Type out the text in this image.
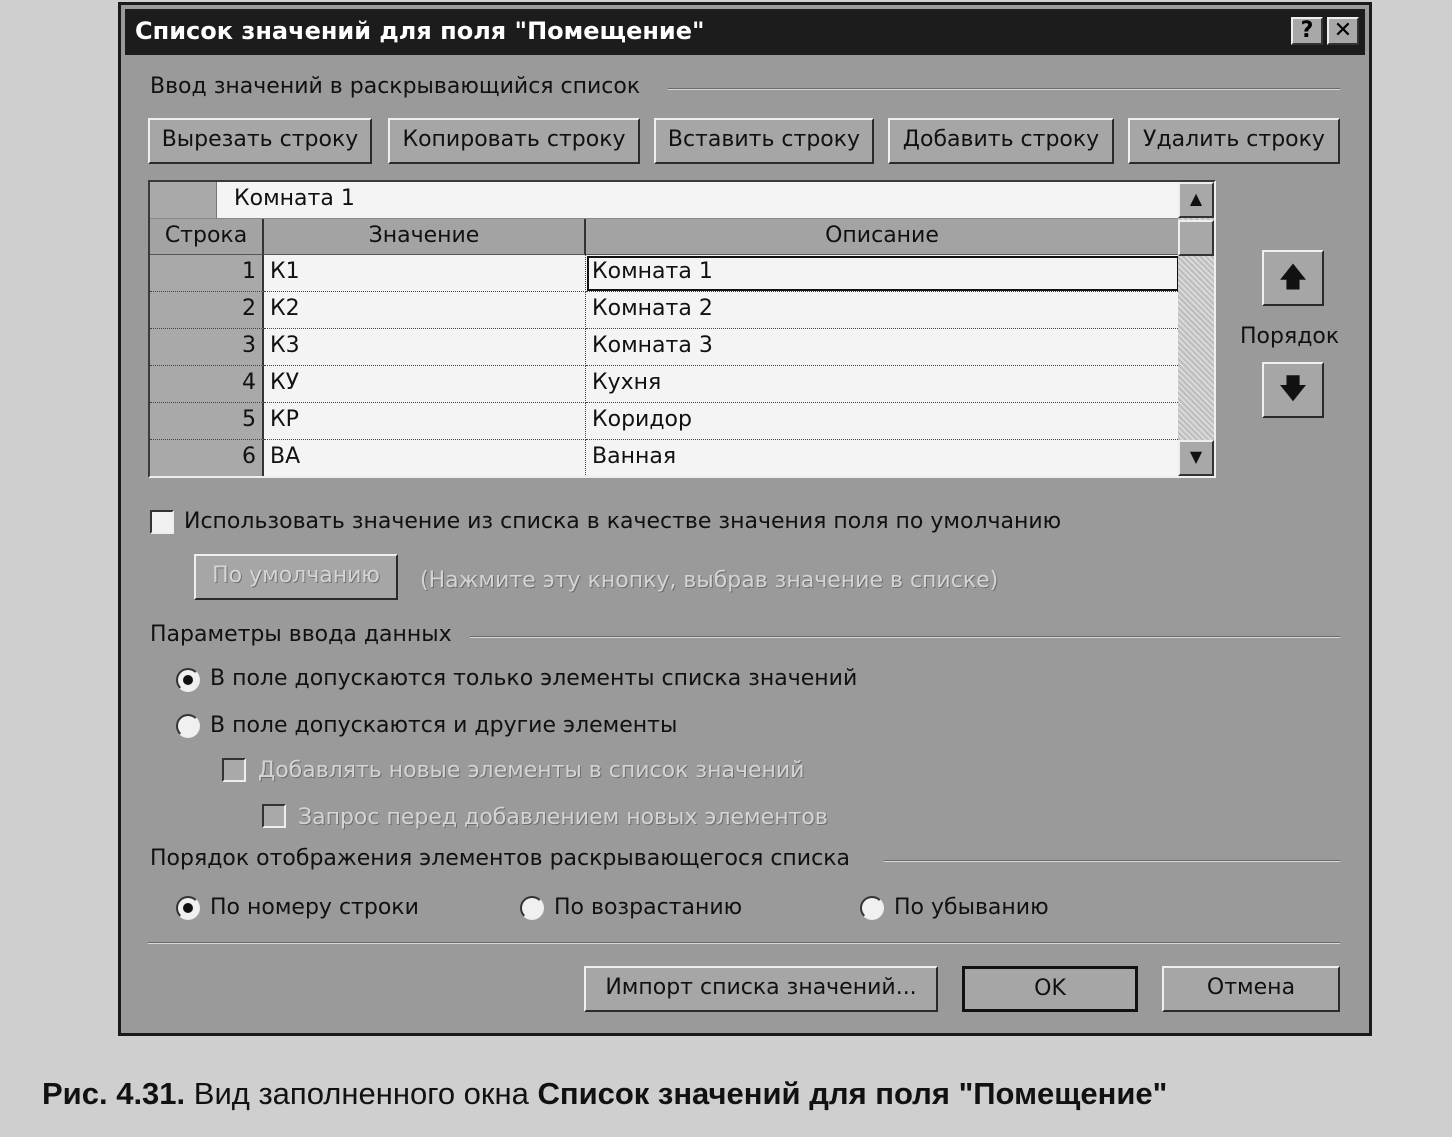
Список значений для поля "Помещение"	? ✕
Ввод значений в раскрывающийся список
Вырезать строку	Копировать строку	Вставить строку	Добавить строку	Удалить строку
Комната 1
Строка	Значение	Описание
1 К1	Комната 1
2 К2	Комната 2
3 К3	Комната 3
4 КУ	Кухня
5 КР	Коридор
6 ВА	Ванная
▲
▼
🡅
Порядок
🡇
Использовать значение из списка в качестве значения поля по умолчанию
По умолчанию	(Нажмите эту кнопку, выбрав значение в списке)
Параметры ввода данных
В поле допускаются только элементы списка значений
В поле допускаются и другие элементы
Добавлять новые элементы в список значений
Запрос перед добавлением новых элементов
Порядок отображения элементов раскрывающегося списка
По номеру строки	По возрастанию	По убыванию
Импорт списка значений...	OK	Отмена
Рис. 4.31. Вид заполненного окна Список значений для поля "Помещение"
